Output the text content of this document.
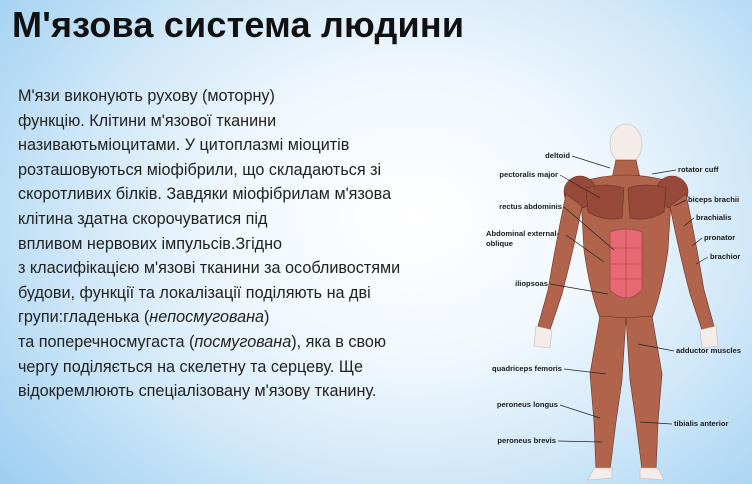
М'язова система людини
М'язи виконують рухову (моторну)
функцію. Клітини м'язової тканини
називаютьміоцитами. У цитоплазмі міоцитів
розташовуються міофібрили, що складаються зі
скоротливих білків. Завдяки міофібрилам м'язова
клітина здатна скорочуватися під
впливом нервових імпульсів.Згідно
з класифікацією м'язові тканини за особливостями
будови, функції та локалізації поділяють на дві
групи:гладенька (непосмугована)
та поперечносмугаста (посмугована), яка в свою
чергу поділяється на скелетну та серцеву. Ще
відокремлюють спеціалізовану м'язову тканину.
deltoid
pectoralis major
rectus abdominis
Abdominal external-
oblique
iliopsoas
quadriceps femoris
peroneus longus
peroneus brevis
rotator cuff
biceps brachii
brachialis
pronator
brachior
adductor muscles
tibialis anterior
